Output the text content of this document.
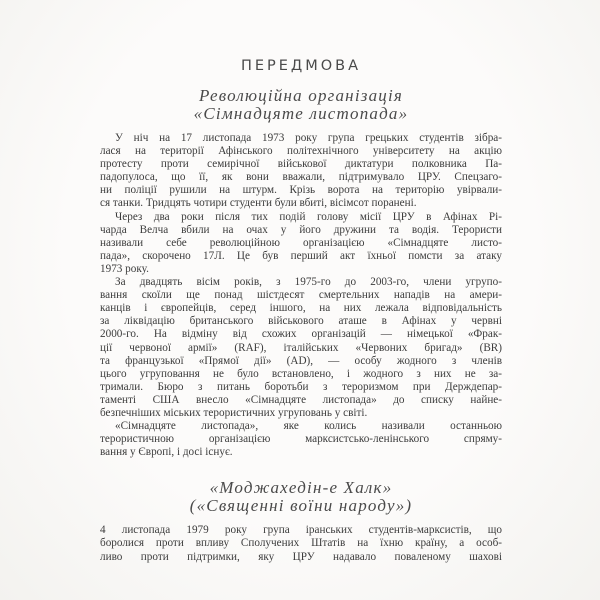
ПЕРЕДМОВА
Революційна організація
«Сімнадцяте листопада»
У ніч на 17 листопада 1973 року група грецьких студентів зібра-
лася на території Афінського політехнічного університету на акцію
протесту проти семирічної військової диктатури полковника Па-
падопулоса, що її, як вони вважали, підтримувало ЦРУ. Спецзаго-
ни поліції рушили на штурм. Крізь ворота на територію увірвали-
ся танки. Тридцять чотири студенти були вбиті, вісімсот поранені.
Через два роки після тих подій голову місії ЦРУ в Афінах Рі-
чарда Велча вбили на очах у його дружини та водія. Терористи
називали себе революційною організацією «Сімнадцяте листо-
пада», скорочено 17Л. Це був перший акт їхньої помсти за атаку
1973 року.
За двадцять вісім років, з 1975-го до 2003-го, члени угрупо-
вання скоїли ще понад шістдесят смертельних нападів на амери-
канців і європейців, серед іншого, на них лежала відповідальність
за ліквідацію британського військового аташе в Афінах у червні
2000-го. На відміну від схожих організацій — німецької «Фрак-
ції червоної армії» (RAF), італійських «Червоних бригад» (BR)
та французької «Прямої дії» (AD), — особу жодного з членів
цього угруповання не було встановлено, і жодного з них не за-
тримали. Бюро з питань боротьби з тероризмом при Держдепар-
таменті США внесло «Сімнадцяте листопада» до списку найне-
безпечніших міських терористичних угруповань у світі.
«Сімнадцяте листопада», яке колись називали останньою
терористичною організацією марксистсько-ленінського спряму-
вання у Європі, і досі існує.
«Моджахедін-е Халк»
(«Священні воїни народу»)
4 листопада 1979 року група іранських студентів-марксистів, що
боролися проти впливу Сполучених Штатів на їхню країну, а особ-
ливо проти підтримки, яку ЦРУ надавало поваленому шахові
